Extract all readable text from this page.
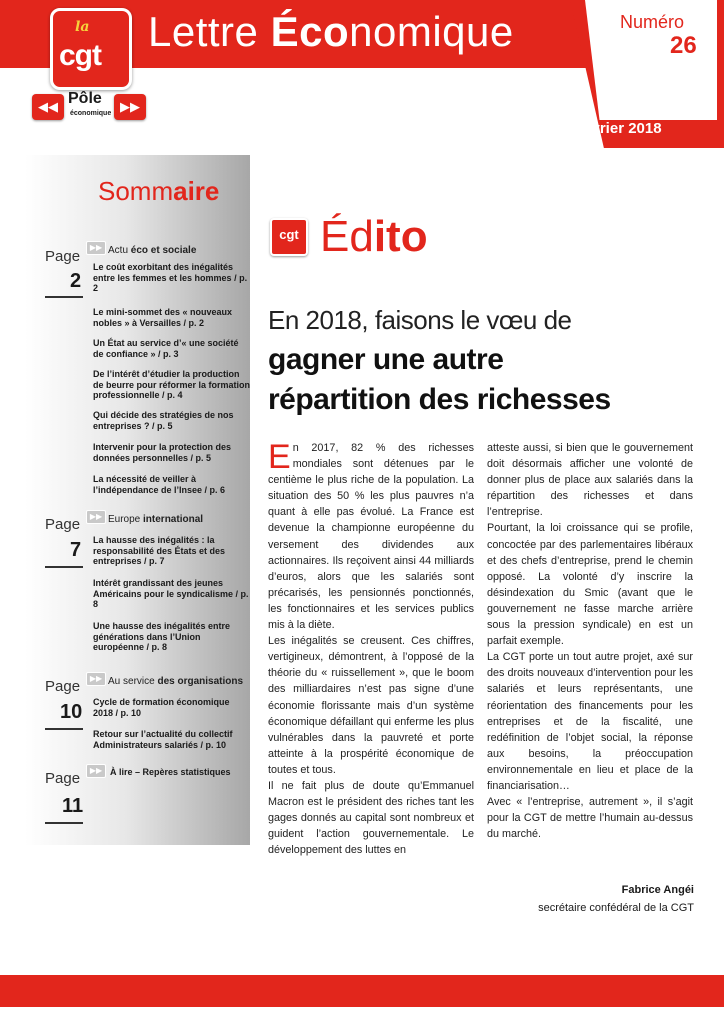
Lettre Économique	Numéro
26
Février 2018
la
cgt
◀◀ Pôle
économique ▶▶
Sommaire
Page
2
▶▶ Actu éco et sociale
Le coût exorbitant des inégalités entre les femmes et les hommes / p. 2
Le mini-sommet des « nouveaux nobles » à Versailles / p. 2
Un État au service d’« une société de confiance » / p. 3
De l’intérêt d’étudier la production de beurre pour réformer la formation professionnelle / p. 4
Qui décide des stratégies de nos entreprises ? / p. 5
Intervenir pour la protection des données personnelles / p. 5
La nécessité de veiller à l’indépendance de l’Insee / p. 6
Page
7
▶▶ Europe international
La hausse des inégalités : la responsabilité des États et des entreprises / p. 7
Intérêt grandissant des jeunes Américains pour le syndicalisme / p. 8
Une hausse des inégalités entre générations dans l’Union européenne / p. 8
Page
10
▶▶ Au service des organisations
Cycle de formation économique 2018 / p. 10
Retour sur l’actualité du collectif Administrateurs salariés / p. 10
Page
11
▶▶ À lire – Repères statistiques
cgt Édito
En 2018, faisons le vœu de
gagner une autre
répartition des richesses

En 2017, 82 % des richesses mondiales sont détenues par le centième le plus riche de la population. La situation des 50 % les plus pauvres n’a quant à elle pas évolué. La France est devenue la championne européenne du versement des dividendes aux actionnaires. Ils reçoivent ainsi 44 milliards d’euros, alors que les salariés sont précarisés, les pensionnés ponctionnés, les fonctionnaires et les services publics mis à la diète.

Les inégalités se creusent. Ces chiffres, vertigineux, démontrent, à l’opposé de la théorie du « ruissellement », que le boom des milliardaires n’est pas signe d’une économie florissante mais d’un système économique défaillant qui enferme les plus vulnérables dans la pauvreté et porte atteinte à la prospérité économique de toutes et tous.

Il ne fait plus de doute qu’Emmanuel Macron est le président des riches tant les gages donnés au capital sont nombreux et guident l’action gouvernementale. Le développement des luttes en

atteste aussi, si bien que le gouvernement doit désormais afficher une volonté de donner plus de place aux salariés dans la répartition des richesses et dans l’entreprise.

Pourtant, la loi croissance qui se profile, concoctée par des parlementaires libéraux et des chefs d’entreprise, prend le chemin opposé. La volonté d’y inscrire la désindexation du Smic (avant que le gouvernement ne fasse marche arrière sous la pression syndicale) en est un parfait exemple.

La CGT porte un tout autre projet, axé sur des droits nouveaux d’intervention pour les salariés et leurs représentants, une réorientation des financements pour les entreprises et de la fiscalité, une redéfinition de l’objet social, la réponse aux besoins, la préoccupation environnementale en lieu et place de la financiarisation…

Avec « l’entreprise, autrement », il s’agit pour la CGT de mettre l’humain au-dessus du marché.

Fabrice Angéi
secrétaire confédéral de la CGT
